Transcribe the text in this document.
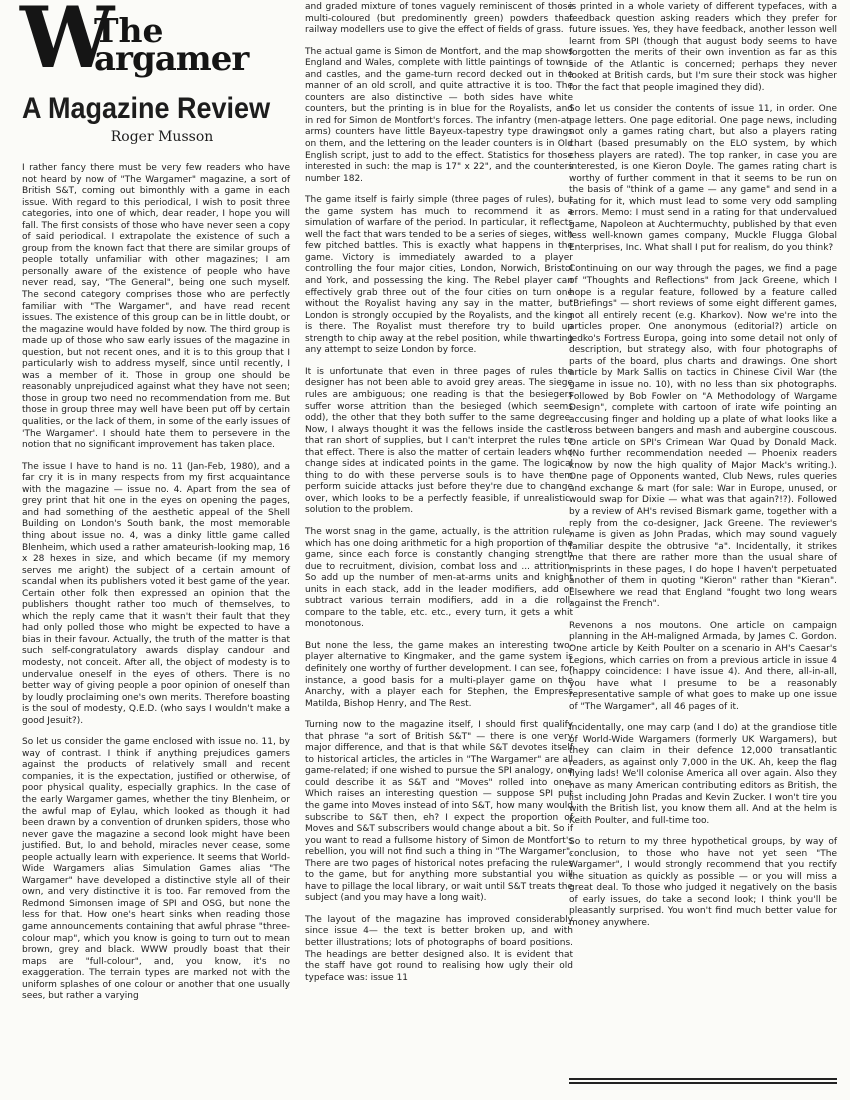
W
The
argamer
A Magazine Review
Roger Musson

I rather fancy there must be very few readers who have not heard by now of "The Wargamer" magazine, a sort of British S&T, coming out bimonthly with a game in each issue. With regard to this periodical, I wish to posit three categories, into one of which, dear reader, I hope you will fall. The first consists of those who have never seen a copy of said periodical. I extrapolate the existence of such a group from the known fact that there are similar groups of people totally unfamiliar with other magazines; I am personally aware of the existence of people who have never read, say, "The General", being one such myself. The second category comprises those who are perfectly familiar with "The Wargamer", and have read recent issues. The existence of this group can be in little doubt, or the magazine would have folded by now. The third group is made up of those who saw early issues of the magazine in question, but not recent ones, and it is to this group that I particularly wish to address myself, since until recently, I was a member of it. Those in group one should be reasonably unprejudiced against what they have not seen; those in group two need no recommendation from me. But those in group three may well have been put off by certain qualities, or the lack of them, in some of the early issues of 'The Wargamer'. I should hate them to persevere in the notion that no significant improvement has taken place.

The issue I have to hand is no. 11 (Jan-Feb, 1980), and a far cry it is in many respects from my first acquaintance with the magazine — issue no. 4. Apart from the sea of grey print that hit one in the eyes on opening the pages, and had something of the aesthetic appeal of the Shell Building on London's South bank, the most memorable thing about issue no. 4, was a dinky little game called Blenheim, which used a rather amateurish-looking map, 16 x 28 hexes in size, and which became (if my memory serves me aright) the subject of a certain amount of scandal when its publishers voted it best game of the year. Certain other folk then expressed an opinion that the publishers thought rather too much of themselves, to which the reply came that it wasn't their fault that they had only polled those who might be expected to have a bias in their favour. Actually, the truth of the matter is that such self-congratulatory awards display candour and modesty, not conceit. After all, the object of modesty is to undervalue oneself in the eyes of others. There is no better way of giving people a poor opinion of oneself than by loudly proclaiming one's own merits. Therefore boasting is the soul of modesty, Q.E.D. (who says I wouldn't make a good Jesuit?).

So let us consider the game enclosed with issue no. 11, by way of contrast. I think if anything prejudices gamers against the products of relatively small and recent companies, it is the expectation, justified or otherwise, of poor physical quality, especially graphics. In the case of the early Wargamer games, whether the tiny Blenheim, or the awful map of Eylau, which looked as though it had been drawn by a convention of drunken spiders, those who never gave the magazine a second look might have been justified. But, lo and behold, miracles never cease, some people actually learn with experience. It seems that World-Wide Wargamers alias Simulation Games alias "The Wargamer" have developed a distinctive style all of their own, and very distinctive it is too. Far removed from the Redmond Simonsen image of SPI and OSG, but none the less for that. How one's heart sinks when reading those game announcements containing that awful phrase "three-colour map", which you know is going to turn out to mean brown, grey and black. WWW proudly boast that their maps are "full-colour", and, you know, it's no exaggeration. The terrain types are marked not with the uniform splashes of one colour or another that one usually sees, but rather a varying

and graded mixture of tones vaguely reminiscent of those multi-coloured (but predominently green) powders that railway modellers use to give the effect of fields of grass.

The actual game is Simon de Montfort, and the map shows England and Wales, complete with little paintings of towns and castles, and the game-turn record decked out in the manner of an old scroll, and quite attractive it is too. The counters are also distinctive — both sides have white counters, but the printing is in blue for the Royalists, and in red for Simon de Montfort's forces. The infantry (men-at-arms) counters have little Bayeux-tapestry type drawings on them, and the lettering on the leader counters is in Old English script, just to add to the effect. Statistics for those interested in such: the map is 17" x 22", and the counters number 182.

The game itself is fairly simple (three pages of rules), but the game system has much to recommend it as a simulation of warfare of the period. In particular, it reflects well the fact that wars tended to be a series of sieges, with few pitched battles. This is exactly what happens in the game. Victory is immediately awarded to a player controlling the four major cities, London, Norwich, Bristol and York, and possessing the king. The Rebel player can effectively grab three out of the four cities on turn one without the Royalist having any say in the matter, but London is strongly occupied by the Royalists, and the king is there. The Royalist must therefore try to build up strength to chip away at the rebel position, while thwarting any attempt to seize London by force.

It is unfortunate that even in three pages of rules the designer has not been able to avoid grey areas. The siege rules are ambiguous; one reading is that the besiegers suffer worse attrition than the besieged (which seems odd), the other that they both suffer to the same degree. Now, I always thought it was the fellows inside the castle that ran short of supplies, but I can't interpret the rules to that effect. There is also the matter of certain leaders who change sides at indicated points in the game. The logical thing to do with these perverse souls is to have them perform suicide attacks just before they're due to change over, which looks to be a perfectly feasible, if unrealistic, solution to the problem.

The worst snag in the game, actually, is the attrition rule, which has one doing arithmetic for a high proportion of the game, since each force is constantly changing strength due to recruitment, division, combat loss and ... attrition. So add up the number of men-at-arms units and knight units in each stack, add in the leader modifiers, add or subtract various terrain modifiers, add in a die roll, compare to the table, etc. etc., every turn, it gets a whit monotonous.

But none the less, the game makes an interesting two-player alternative to Kingmaker, and the game system is definitely one worthy of further development. I can see, for instance, a good basis for a multi-player game on the Anarchy, with a player each for Stephen, the Empress Matilda, Bishop Henry, and The Rest.

Turning now to the magazine itself, I should first qualify that phrase "a sort of British S&T" — there is one very major difference, and that is that while S&T devotes itself to historical articles, the articles in "The Wargamer" are all game-related; if one wished to pursue the SPI analogy, one could describe it as S&T and "Moves" rolled into one. Which raises an interesting question — suppose SPI put the game into Moves instead of into S&T, how many would subscribe to S&T then, eh? I expect the proportion of Moves and S&T subscribers would change about a bit. So if you want to read a fullsome history of Simon de Montfort's rebellion, you will not find such a thing in "The Wargamer". There are two pages of historical notes prefacing the rules to the game, but for anything more substantial you will have to pillage the local library, or wait until S&T treats the subject (and you may have a long wait).

The layout of the magazine has improved considerably since issue 4— the text is better broken up, and with better illustrations; lots of photographs of board positions. The headings are better designed also. It is evident that the staff have got round to realising how ugly their old typeface was: issue 11

is printed in a whole variety of different typefaces, with a feedback question asking readers which they prefer for future issues. Yes, they have feedback, another lesson well learnt from SPI (though that august body seems to have forgotten the merits of their own invention as far as this side of the Atlantic is concerned; perhaps they never looked at British cards, but I'm sure their stock was higher for the fact that people imagined they did).

So let us consider the contents of issue 11, in order. One page letters. One page editorial. One page news, including not only a games rating chart, but also a players rating chart (based presumably on the ELO system, by which chess players are rated). The top ranker, in case you are interested, is one Kieron Doyle. The games rating chart is worthy of further comment in that it seems to be run on the basis of "think of a game — any game" and send in a rating for it, which must lead to some very odd sampling errors. Memo: I must send in a rating for that undervalued game, Napoleon at Auchtermuchty, published by that even less well-known games company, Muckle Flugga Global Enterprises, Inc. What shall I put for realism, do you think?

Continuing on our way through the pages, we find a page of "Thoughts and Reflections" from Jack Greene, which I hope is a regular feature, followed by a feature called "Briefings" — short reviews of some eight different games, not all entirely recent (e.g. Kharkov). Now we're into the articles proper. One anonymous (editorial?) article on Jedko's Fortress Europa, going into some detail not only of description, but strategy also, with four photographs of parts of the board, plus charts and drawings. One short article by Mark Sallis on tactics in Chinese Civil War (the game in issue no. 10), with no less than six photographs. Followed by Bob Fowler on "A Methodology of Wargame Design", complete with cartoon of irate wife pointing an accusing finger and holding up a plate of what looks like a cross between bangers and mash and aubergine couscous. One article on SPI's Crimean War Quad by Donald Mack. (No further recommendation needed — Phoenix readers know by now the high quality of Major Mack's writing.). One page of Opponents wanted, Club News, rules queries and exchange & mart (for sale: War in Europe, unused, or would swap for Dixie — what was that again?!?). Followed by a review of AH's revised Bismark game, together with a reply from the co-designer, Jack Greene. The reviewer's name is given as John Pradas, which may sound vaguely familiar despite the obtrusive "a". Incidentally, it strikes me that there are rather more than the usual share of misprints in these pages, I do hope I haven't perpetuated another of them in quoting "Kieron" rather than "Kieran". Elsewhere we read that England "fought two long wears against the French".

Revenons a nos moutons. One article on campaign planning in the AH-maligned Armada, by James C. Gordon. One article by Keith Poulter on a scenario in AH's Caesar's Legions, which carries on from a previous article in issue 4 (happy coincidence: I have issue 4). And there, all-in-all, you have what I presume to be a reasonably representative sample of what goes to make up one issue of "The Wargamer", all 46 pages of it.

Incidentally, one may carp (and I do) at the grandiose title of World-Wide Wargamers (formerly UK Wargamers), but they can claim in their defence 12,000 transatlantic readers, as against only 7,000 in the UK. Ah, keep the flag flying lads! We'll colonise America all over again. Also they have as many American contributing editors as British, the list including John Pradas and Kevin Zucker. I won't tire you with the British list, you know them all. And at the helm is Keith Poulter, and full-time too.

So to return to my three hypothetical groups, by way of conclusion, to those who have not yet seen "The Wargamer", I would strongly recommend that you rectify the situation as quickly as possible — or you will miss a great deal. To those who judged it negatively on the basis of early issues, do take a second look; I think you'll be pleasantly surprised. You won't find much better value for money anywhere.
